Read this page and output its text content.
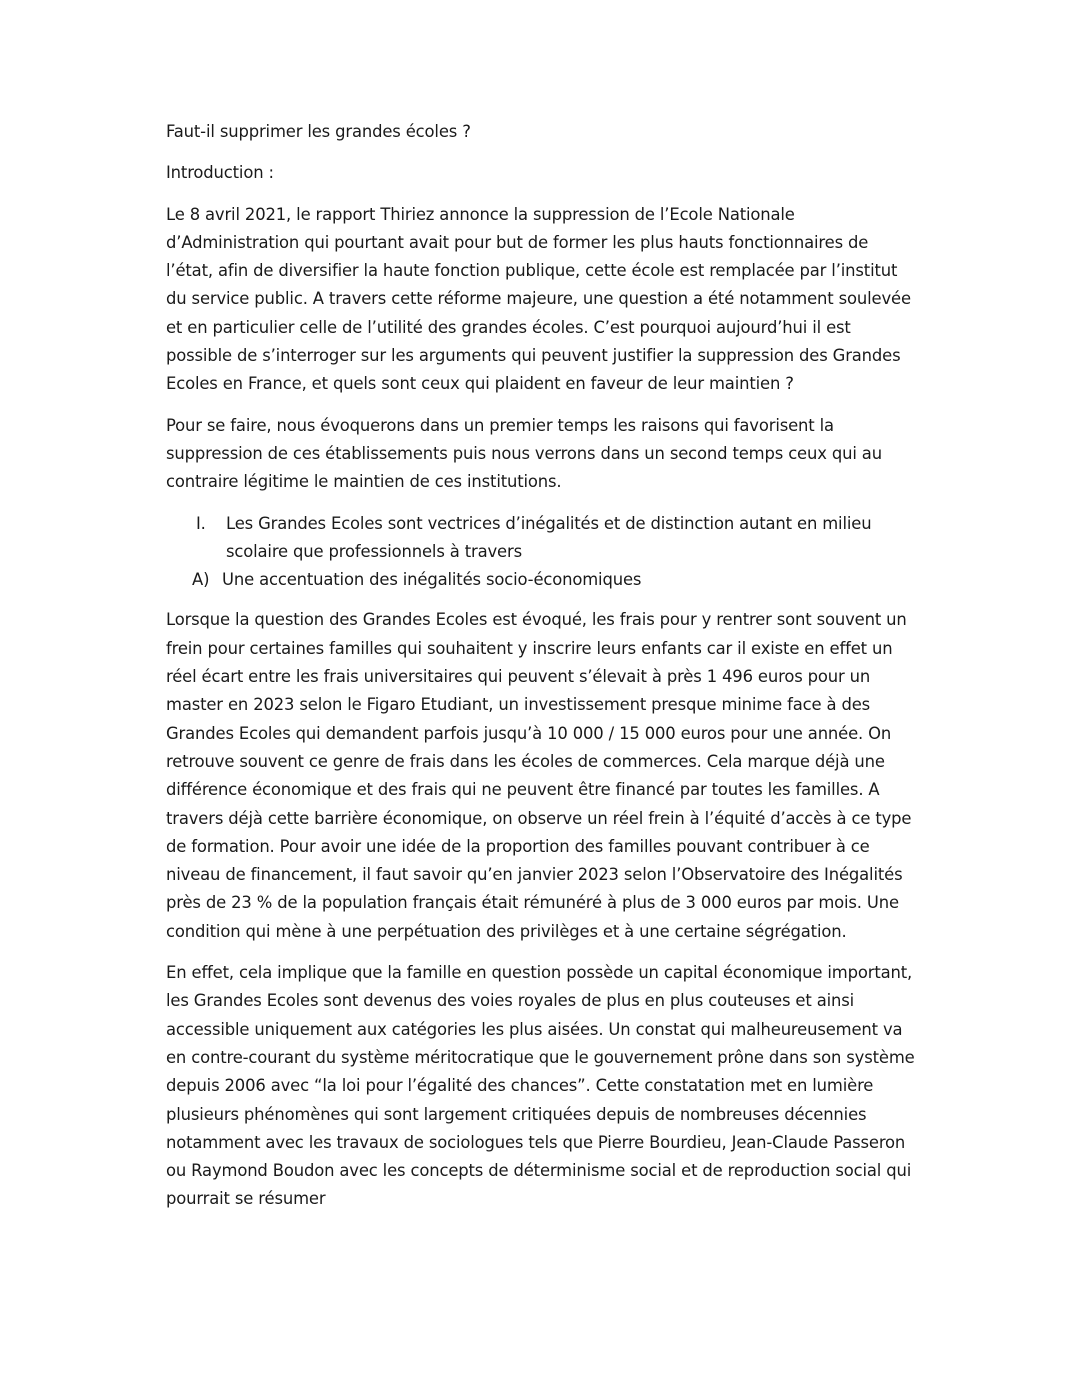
Faut-il supprimer les grandes écoles ?

Introduction :

Le 8 avril 2021, le rapport Thiriez annonce la suppression de l’Ecole Nationale d’Administration qui pourtant avait pour but de former les plus hauts fonctionnaires de l’état, afin de diversifier la haute fonction publique, cette école est remplacée par l’institut du service public. A travers cette réforme majeure, une question a été notamment soulevée et en particulier celle de l’utilité des grandes écoles. C’est pourquoi aujourd’hui il est possible de s’interroger sur les arguments qui peuvent justifier la suppression des Grandes Ecoles en France, et quels sont ceux qui plaident en faveur de leur maintien ?

Pour se faire, nous évoquerons dans un premier temps les raisons qui favorisent la suppression de ces établissements puis nous verrons dans un second temps ceux qui au contraire légitime le maintien de ces institutions.

I.	Les Grandes Ecoles sont vectrices d’inégalités et de distinction autant en milieu scolaire que professionnels à travers
A) Une accentuation des inégalités socio-économiques

Lorsque la question des Grandes Ecoles est évoqué, les frais pour y rentrer sont souvent un frein pour certaines familles qui souhaitent y inscrire leurs enfants car il existe en effet un réel écart entre les frais universitaires qui peuvent s’élevait à près 1 496 euros pour un master en 2023 selon le Figaro Etudiant, un investissement presque minime face à des Grandes Ecoles qui demandent parfois jusqu’à 10 000 / 15 000 euros pour une année. On retrouve souvent ce genre de frais dans les écoles de commerces. Cela marque déjà une différence économique et des frais qui ne peuvent être financé par toutes les familles. A travers déjà cette barrière économique, on observe un réel frein à l’équité d’accès à ce type de formation. Pour avoir une idée de la proportion des familles pouvant contribuer à ce niveau de financement, il faut savoir qu’en janvier 2023 selon l’Observatoire des Inégalités près de 23 % de la population français était rémunéré à plus de 3 000 euros par mois. Une condition qui mène à une perpétuation des privilèges et à une certaine ségrégation.

En effet, cela implique que la famille en question possède un capital économique important, les Grandes Ecoles sont devenus des voies royales de plus en plus couteuses et ainsi accessible uniquement aux catégories les plus aisées. Un constat qui malheureusement va en contre-courant du système méritocratique que le gouvernement prône dans son système depuis 2006 avec “la loi pour l’égalité des chances”. Cette constatation met en lumière plusieurs phénomènes qui sont largement critiquées depuis de nombreuses décennies notamment avec les travaux de sociologues tels que Pierre Bourdieu, Jean-Claude Passeron ou Raymond Boudon avec les concepts de déterminisme social et de reproduction social qui pourrait se résumer
